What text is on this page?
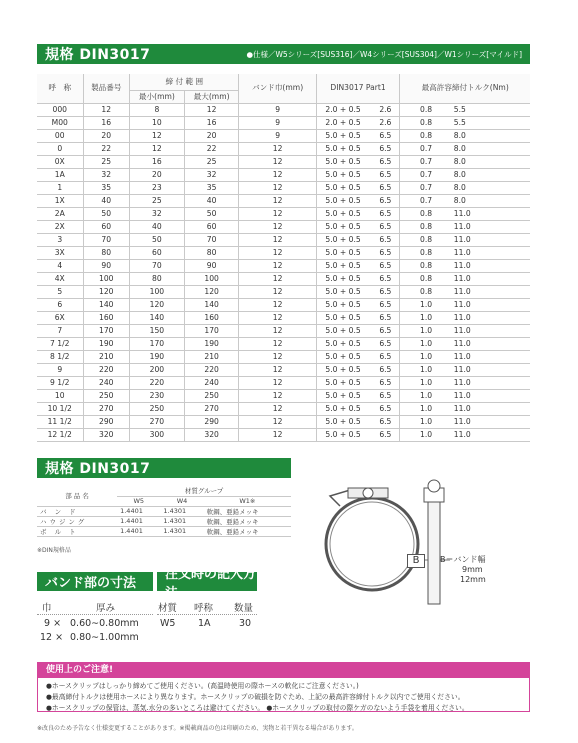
規格 DIN3017	●仕様／W5シリーズ[SUS316]／W4シリーズ[SUS304]／W1シリーズ[マイルド]
呼　称	製品番号	締 付 範 囲		バンド巾(mm)	DIN3017 Part1		最高許容締付トルク(Nm)	
		最小(mm)	最大(mm)					
000	12	8	12	9	2.0 + 0.5	2.6	0.8	5.5
M00	16	10	16	9	2.0 + 0.5	2.6	0.8	5.5
00	20	12	20	9	5.0 + 0.5	6.5	0.8	8.0
0	22	12	22	12	5.0 + 0.5	6.5	0.7	8.0
0X	25	16	25	12	5.0 + 0.5	6.5	0.7	8.0
1A	32	20	32	12	5.0 + 0.5	6.5	0.7	8.0
1	35	23	35	12	5.0 + 0.5	6.5	0.7	8.0
1X	40	25	40	12	5.0 + 0.5	6.5	0.7	8.0
2A	50	32	50	12	5.0 + 0.5	6.5	0.8	11.0
2X	60	40	60	12	5.0 + 0.5	6.5	0.8	11.0
3	70	50	70	12	5.0 + 0.5	6.5	0.8	11.0
3X	80	60	80	12	5.0 + 0.5	6.5	0.8	11.0
4	90	70	90	12	5.0 + 0.5	6.5	0.8	11.0
4X	100	80	100	12	5.0 + 0.5	6.5	0.8	11.0
5	120	100	120	12	5.0 + 0.5	6.5	0.8	11.0
6	140	120	140	12	5.0 + 0.5	6.5	1.0	11.0
6X	160	140	160	12	5.0 + 0.5	6.5	1.0	11.0
7	170	150	170	12	5.0 + 0.5	6.5	1.0	11.0
7 1/2	190	170	190	12	5.0 + 0.5	6.5	1.0	11.0
8 1/2	210	190	210	12	5.0 + 0.5	6.5	1.0	11.0
9	220	200	220	12	5.0 + 0.5	6.5	1.0	11.0
9 1/2	240	220	240	12	5.0 + 0.5	6.5	1.0	11.0
10	250	230	250	12	5.0 + 0.5	6.5	1.0	11.0
10 1/2	270	250	270	12	5.0 + 0.5	6.5	1.0	11.0
11 1/2	290	270	290	12	5.0 + 0.5	6.5	1.0	11.0
12 1/2	320	300	320	12	5.0 + 0.5	6.5	1.0	11.0
規格 DIN3017
部 品 名	材質グループ		
	W5	W4	W1※
バ ン ド	1.4401	1.4301	軟鋼、亜鉛メッキ
ハウジング	1.4401	1.4301	軟鋼、亜鉛メッキ
ボ ル ト	1.4401	1.4301	軟鋼、亜鉛メッキ
※DIN規格品
バンド部の寸法
巾	厚み
9 × 0.60∼0.80mm
12 × 0.80∼1.00mm
注文時の記入方法
材質 呼称 数量
W5 1A	30
B	B＝バンド幅
9mm
12mm
使用上のご注意!
●ホースクリップはしっかり締めてご使用ください。(高温時使用の際ホースの軟化にご注意ください。)
●最高締付トルクは使用ホースにより異なります。ホースクリップの破損を防ぐため、上記の最高許容締付トルク以内でご使用ください。
●ホースクリップの保管は、蒸気.水分の多いところは避けてください。 ●ホースクリップの取付の際ケガのないよう手袋を着用ください。
※改良のため予告なく仕様変更することがあります。※掲載商品の色は印刷のため、実物と若干異なる場合があります。
